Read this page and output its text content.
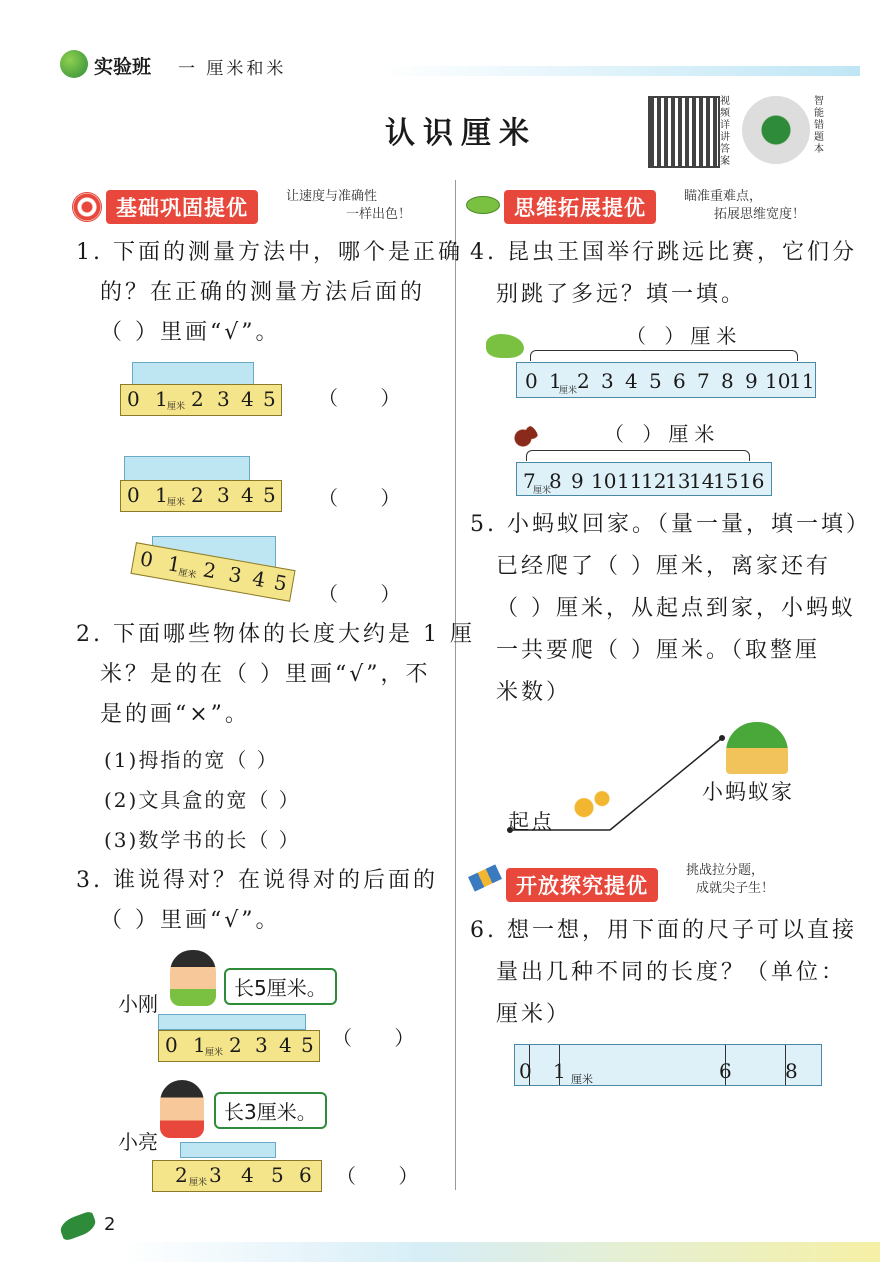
实验班 一 厘米和米
认识厘米
视频详讲答案
智能错题本
基础巩固提优	让速度与准确性
一样出色！
1. 下面的测量方法中，哪个是正确
的？在正确的测量方法后面的
（ ）里画“√”。
0 1 厘米 2 3 4 5 （ ）
0 1 厘米 2 3 4 5 （ ）
0 1
厘米 2 3 4 5 （ ）
2. 下面哪些物体的长度大约是 1 厘
米？是的在（ ）里画“√”，不
是的画“×”。
(1)拇指的宽（ ）
(2)文具盒的宽（ ）
(3)数学书的长（ ）
3. 谁说得对？在说得对的后面的
（ ）里画“√”。
小刚
长5厘米。
0 1 厘米 2 3 4 5 （ ）
小亮
长3厘米。
2 厘米 3 4 5 6 （ ）
思维拓展提优	瞄准重难点，
拓展思维宽度！
4. 昆虫王国举行跳远比赛，它们分
别跳了多远？填一填。
（ ）厘米
0 1
厘米 2 3 4 5 6 7 8 9 10
11
（ ）厘米
7
厘米
8 9 10 11
12
13
14
15 16
5. 小蚂蚁回家。（量一量，填一填）
已经爬了（ ）厘米，离家还有
（ ）厘米，从起点到家，小蚂蚁
一共要爬（ ）厘米。（取整厘
米数）
小蚂蚁家
起点
开放探究提优
挑战拉分题，
成就尖子生！
6. 想一想，用下面的尺子可以直接
量出几种不同的长度？（单位：
厘米）
0 1 厘米	6	8
2
